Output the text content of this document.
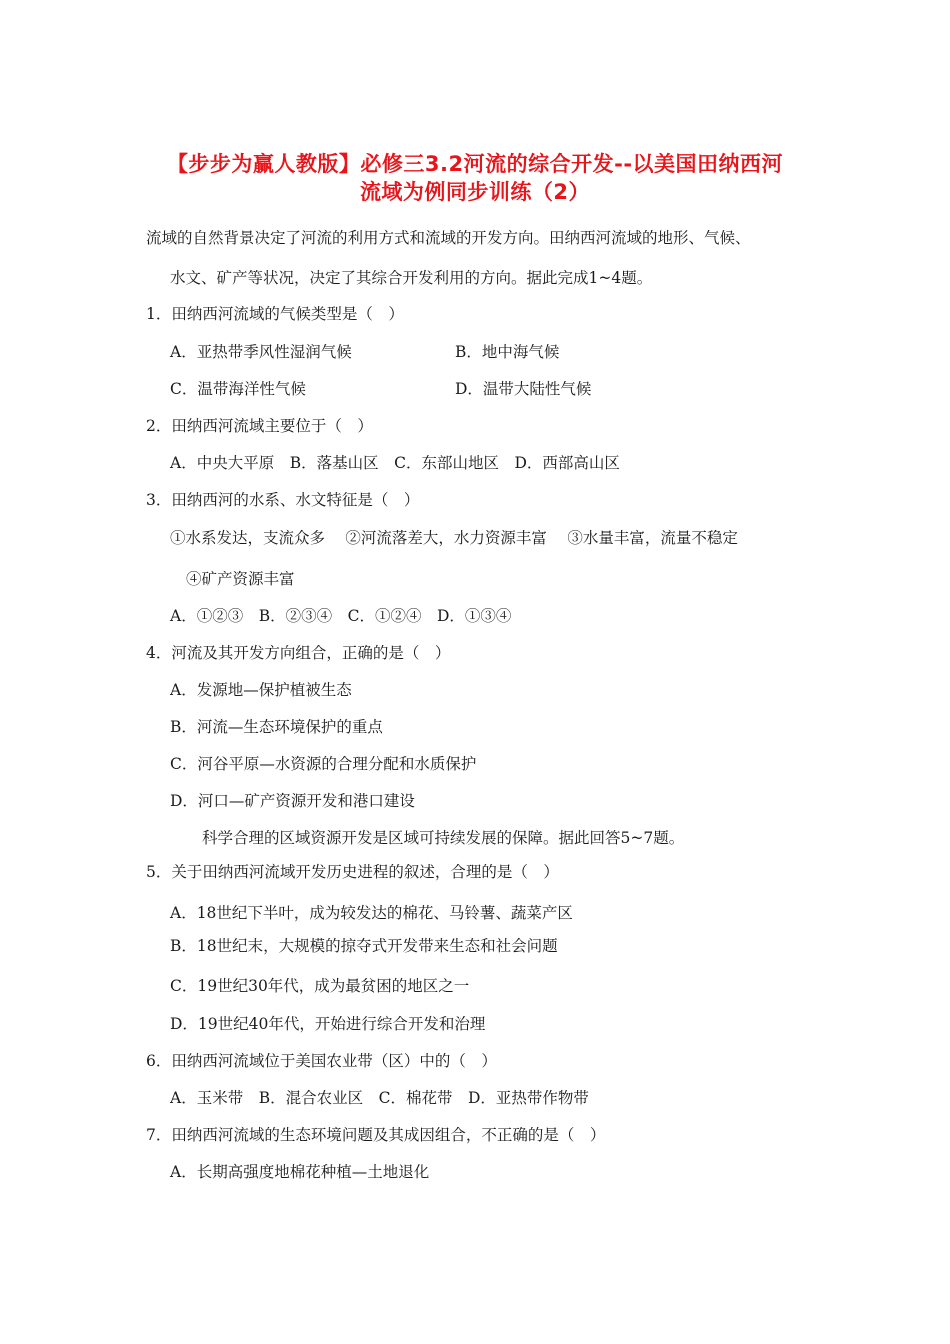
【步步为赢人教版】必修三3.2河流的综合开发--以美国田纳西河
流域为例同步训练（2）
流域的自然背景决定了河流的利用方式和流域的开发方向。田纳西河流域的地形、气候、
水文、矿产等状况，决定了其综合开发利用的方向。据此完成1~4题。
1．田纳西河流域的气候类型是（　）
A．亚热带季风性湿润气候	B．地中海气候
C．温带海洋性气候	D．温带大陆性气候
2．田纳西河流域主要位于（　）
A．中央大平原　B．落基山区　C．东部山地区　D．西部高山区
3．田纳西河的水系、水文特征是（　）
①水系发达，支流众多　 ②河流落差大，水力资源丰富　 ③水量丰富，流量不稳定
④矿产资源丰富
A．①②③　B．②③④　C．①②④　D．①③④
4．河流及其开发方向组合，正确的是（　）
A．发源地—保护植被生态
B．河流—生态环境保护的重点
C．河谷平原—水资源的合理分配和水质保护
D．河口—矿产资源开发和港口建设
科学合理的区域资源开发是区域可持续发展的保障。据此回答5~7题。
5．关于田纳西河流域开发历史进程的叙述，合理的是（　）
A．18世纪下半叶，成为较发达的棉花、马铃薯、蔬菜产区
B．18世纪末，大规模的掠夺式开发带来生态和社会问题
C．19世纪30年代，成为最贫困的地区之一
D．19世纪40年代，开始进行综合开发和治理
6．田纳西河流域位于美国农业带（区）中的（　）
A．玉米带　B．混合农业区　C．棉花带　D．亚热带作物带
7．田纳西河流域的生态环境问题及其成因组合，不正确的是（　）
A．长期高强度地棉花种植—土地退化
